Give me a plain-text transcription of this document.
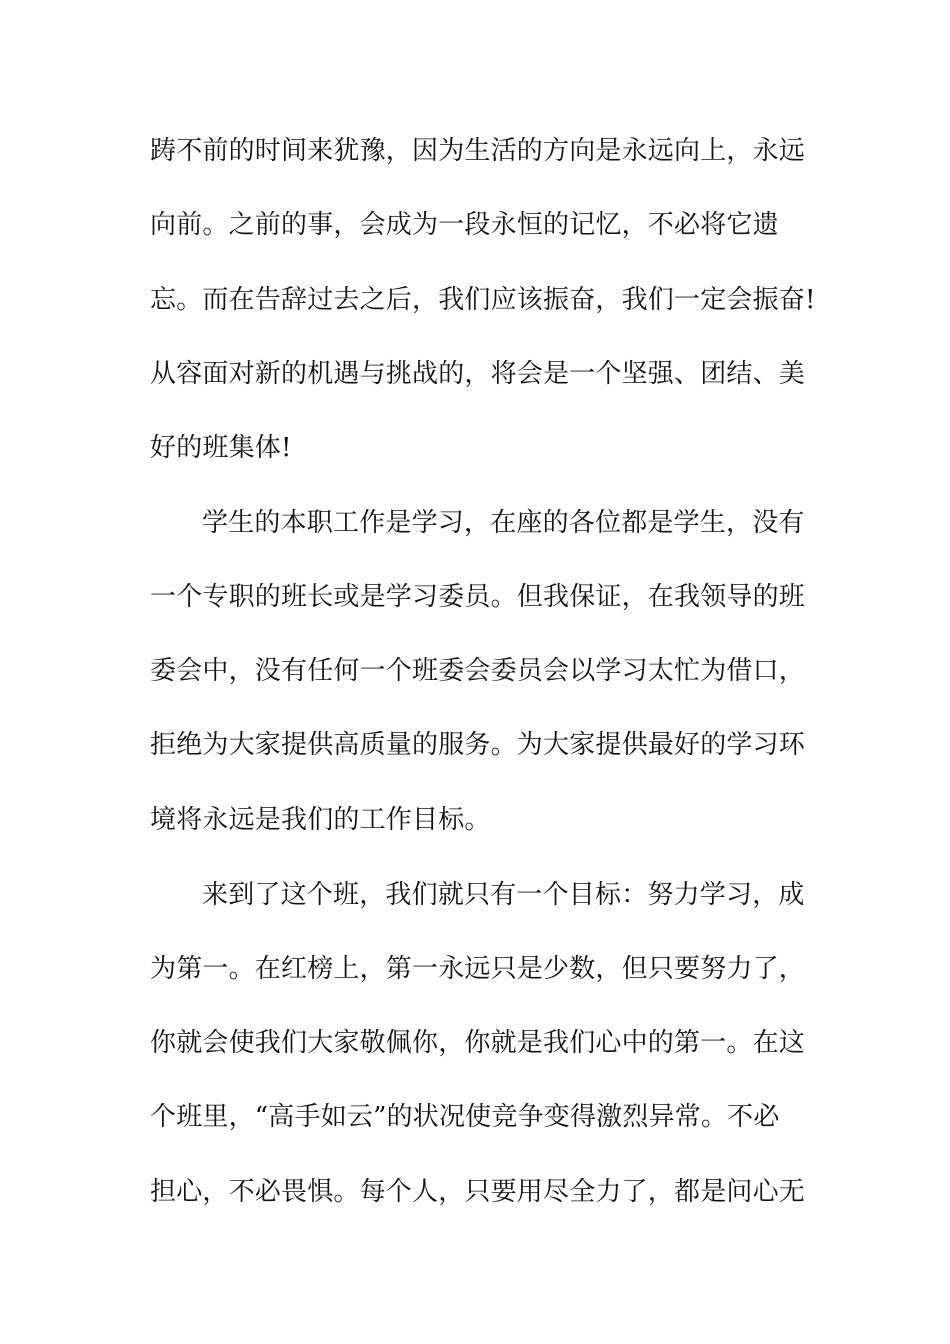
踌不前的时间来犹豫，因为生活的方向是永远向上，永远
向前。之前的事，会成为一段永恒的记忆，不必将它遗
忘。而在告辞过去之后，我们应该振奋，我们一定会振奋!
从容面对新的机遇与挑战的，将会是一个坚强、团结、美
好的班集体!
学生的本职工作是学习，在座的各位都是学生，没有
一个专职的班长或是学习委员。但我保证，在我领导的班
委会中，没有任何一个班委会委员会以学习太忙为借口，
拒绝为大家提供高质量的服务。为大家提供最好的学习环
境将永远是我们的工作目标。
来到了这个班，我们就只有一个目标：努力学习，成
为第一。在红榜上，第一永远只是少数，但只要努力了，
你就会使我们大家敬佩你，你就是我们心中的第一。在这
个班里，“高手如云”的状况使竞争变得激烈异常。不必
担心，不必畏惧。每个人，只要用尽全力了，都是问心无
